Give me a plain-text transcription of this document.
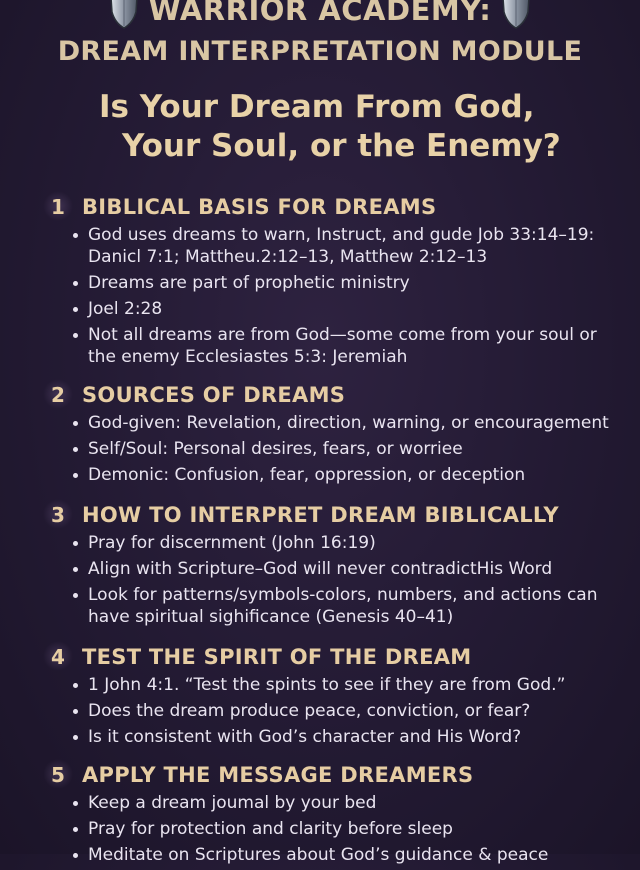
WARRIOR ACADEMY:
DREAM INTERPRETATION MODULE
Is Your Dream From God,
Your Soul, or the Enemy?
1 BIBLICAL BASIS FOR DREAMS
God uses dreams to warn, Instruct, and gude Job 33:14–19: Danicl 7:1; Mattheu.2:12–13, Matthew 2:12–13
Dreams are part of prophetic ministry
Joel 2:28
Not all dreams are from God—some come from your soul or the enemy Ecclesiastes 5:3: Jeremiah
2 SOURCES OF DREAMS
God-given: Revelation, direction, warning, or encouragement
Self/Soul: Personal desires, fears, or worriee
Demonic: Confusion, fear, oppression, or deception
3 HOW TO INTERPRET DREAM BIBLICALLY
Pray for discernment (John 16:19)
Align with Scripture–God will never contradictHis Word
Look for patterns/symbols-colors, numbers, and actions can have spiritual sighificance (Genesis 40–41)
4 TEST THE SPIRIT OF THE DREAM
1 John 4:1. “Test the spints to see if they are from God.”
Does the dream produce peace, conviction, or fear?
Is it consistent with God’s character and His Word?
5 APPLY THE MESSAGE DREAMERS
Keep a dream joumal by your bed
Pray for protection and clarity before sleep
Meditate on Scriptures about God’s guidance & peace
